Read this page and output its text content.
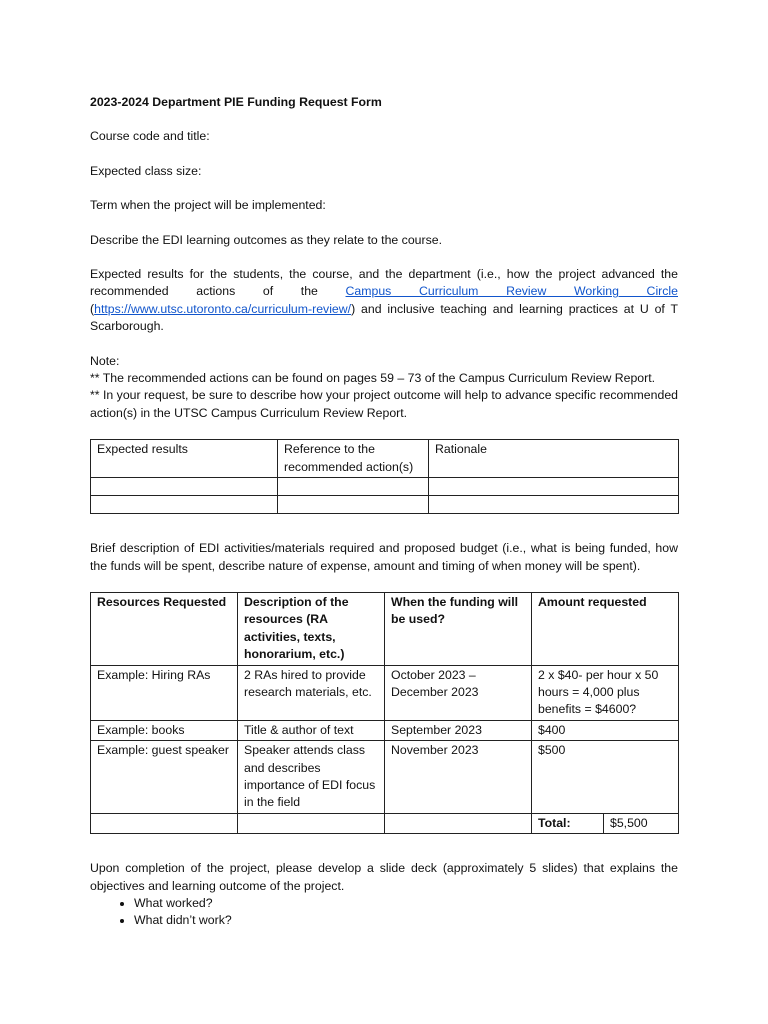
2023-2024 Department PIE Funding Request Form

Course code and title:

Expected class size:

Term when the project will be implemented:

Describe the EDI learning outcomes as they relate to the course.

Expected results for the students, the course, and the department (i.e., how the project advanced the recommended actions of the Campus Curriculum Review Working Circle (https://www.utsc.utoronto.ca/curriculum-review/) and inclusive teaching and learning practices at U of T Scarborough.

Note:
** The recommended actions can be found on pages 59 – 73 of the Campus Curriculum Review Report.
** In your request, be sure to describe how your project outcome will help to advance specific recommended action(s) in the UTSC Campus Curriculum Review Report.
Expected results	Reference to the recommended action(s)	Rationale

Brief description of EDI activities/materials required and proposed budget (i.e., what is being funded, how the funds will be spent, describe nature of expense, amount and timing of when money will be spent).

Resources Requested	Description of the resources (RA activities, texts, honorarium, etc.)	When the funding will be used?	Amount requested	
Example: Hiring RAs	2 RAs hired to provide research materials, etc.	October 2023 – December 2023	2 x $40- per hour x 50 hours = 4,000 plus benefits = $4600?	
Example: books	Title & author of text	September 2023	$400	
Example: guest speaker	Speaker attends class and describes importance of EDI focus in the field	November 2023	$500	
			Total:	$5,500

Upon completion of the project, please develop a slide deck (approximately 5 slides) that explains the objectives and learning outcome of the project.

• What worked?
• What didn’t work?
